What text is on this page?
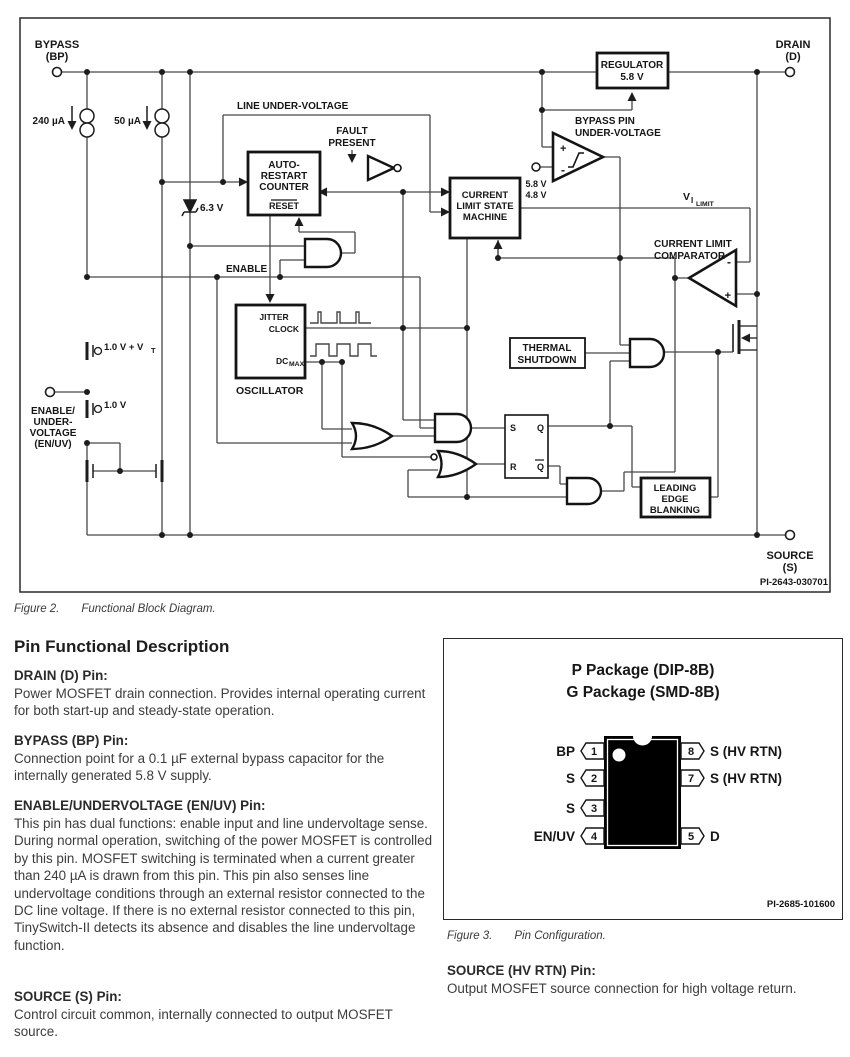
BYPASS
(BP)
DRAIN
(D)
SOURCE
(S)
ENABLE/
UNDER-
VOLTAGE
(EN/UV)
240 µA	50 µA
6.3 V
LINE UNDER-VOLTAGE
FAULT
PRESENT
AUTO-
RESTART
COUNTER
RESET
CURRENT
LIMIT STATE
MACHINE
REGULATOR
5.8 V
BYPASS PIN
UNDER-VOLTAGE
5.8 V
4.8 V
+
-
V I LIMIT
CURRENT LIMIT
COMPARATOR -
+
ENABLE
JITTER
CLOCK
DC MAX
OSCILLATOR
1.0 V + V T
1.0 V
THERMAL
SHUTDOWN
LEADING
EDGE
BLANKING
S Q
R Q
PI-2643-030701
Figure 2. Functional Block Diagram.
Pin Functional Description

DRAIN (D) Pin:

Power MOSFET drain connection. Provides internal operating current for both start-up and steady-state operation.

BYPASS (BP) Pin:

Connection point for a 0.1 µF external bypass capacitor for the internally generated 5.8 V supply.

ENABLE/UNDERVOLTAGE (EN/UV) Pin:

This pin has dual functions: enable input and line undervoltage sense. During normal operation, switching of the power MOSFET is controlled by this pin. MOSFET switching is terminated when a current greater than 240 µA is drawn from this pin. This pin also senses line undervoltage conditions through an external resistor connected to the DC line voltage. If there is no external resistor connected to this pin, TinySwitch-II detects its absence and disables the line undervoltage function.

SOURCE (S) Pin:

Control circuit common, internally connected to output MOSFET source.

P Package (DIP-8B)
G Package (SMD-8B)
1
2
3
4
BP
S
S
EN/UV
8
7
5
S (HV RTN)
S (HV RTN)
D
PI-2685-101600
Figure 3. Pin Configuration.

SOURCE (HV RTN) Pin:

Output MOSFET source connection for high voltage return.
